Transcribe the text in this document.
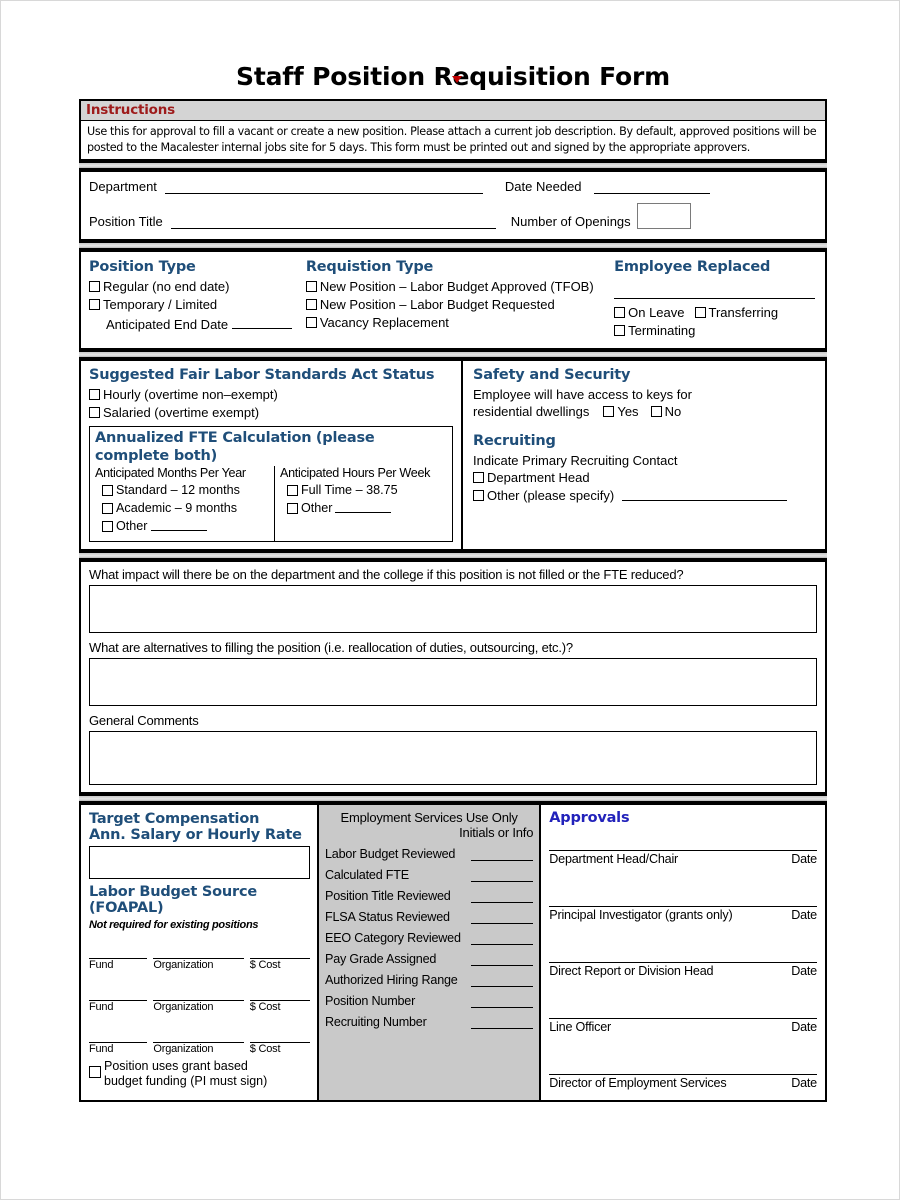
Staff Position Requisition Form
Instructions
Use this for approval to fill a vacant or create a new position. Please attach a current job description. By default, approved positions will be posted to the Macalester internal jobs site for 5 days. This form must be printed out and signed by the appropriate approvers.
Department	Date Needed
Position Title	Number of Openings
Position Type
Regular (no end date)
Temporary / Limited
Anticipated End Date
Requistion Type
New Position – Labor Budget Approved (TFOB)
New Position – Labor Budget Requested
Vacancy Replacement
Employee Replaced
On Leave Transferring
Terminating
Suggested Fair Labor Standards Act Status
Hourly (overtime non–exempt)
Salaried (overtime exempt)
Annualized FTE Calculation (please complete both)
Anticipated Months Per Year
Standard – 12 months
Academic – 9 months
Other
Anticipated Hours Per Week
Full Time – 38.75
Other
Safety and Security
Employee will have access to keys for
residential dwellings Yes No
Recruiting
Indicate Primary Recruiting Contact
Department Head
Other (please specify)
What impact will there be on the department and the college if this position is not filled or the FTE reduced?
What are alternatives to filling the position (i.e. reallocation of duties, outsourcing, etc.)?
General Comments
Target Compensation
Ann. Salary or Hourly Rate
Labor Budget Source (FOAPAL)
Not required for existing positions
Fund	Organization	$ Cost
Fund	Organization	$ Cost
Fund	Organization	$ Cost
Position uses grant based
budget funding (PI must sign)
Employment Services Use Only
Initials or Info
Labor Budget Reviewed
Calculated FTE
Position Title Reviewed
FLSA Status Reviewed
EEO Category Reviewed
Pay Grade Assigned
Authorized Hiring Range
Position Number
Recruiting Number
Approvals
Department Head/Chair	Date
Principal Investigator (grants only)	Date
Direct Report or Division Head	Date
Line Officer	Date
Director of Employment Services	Date
